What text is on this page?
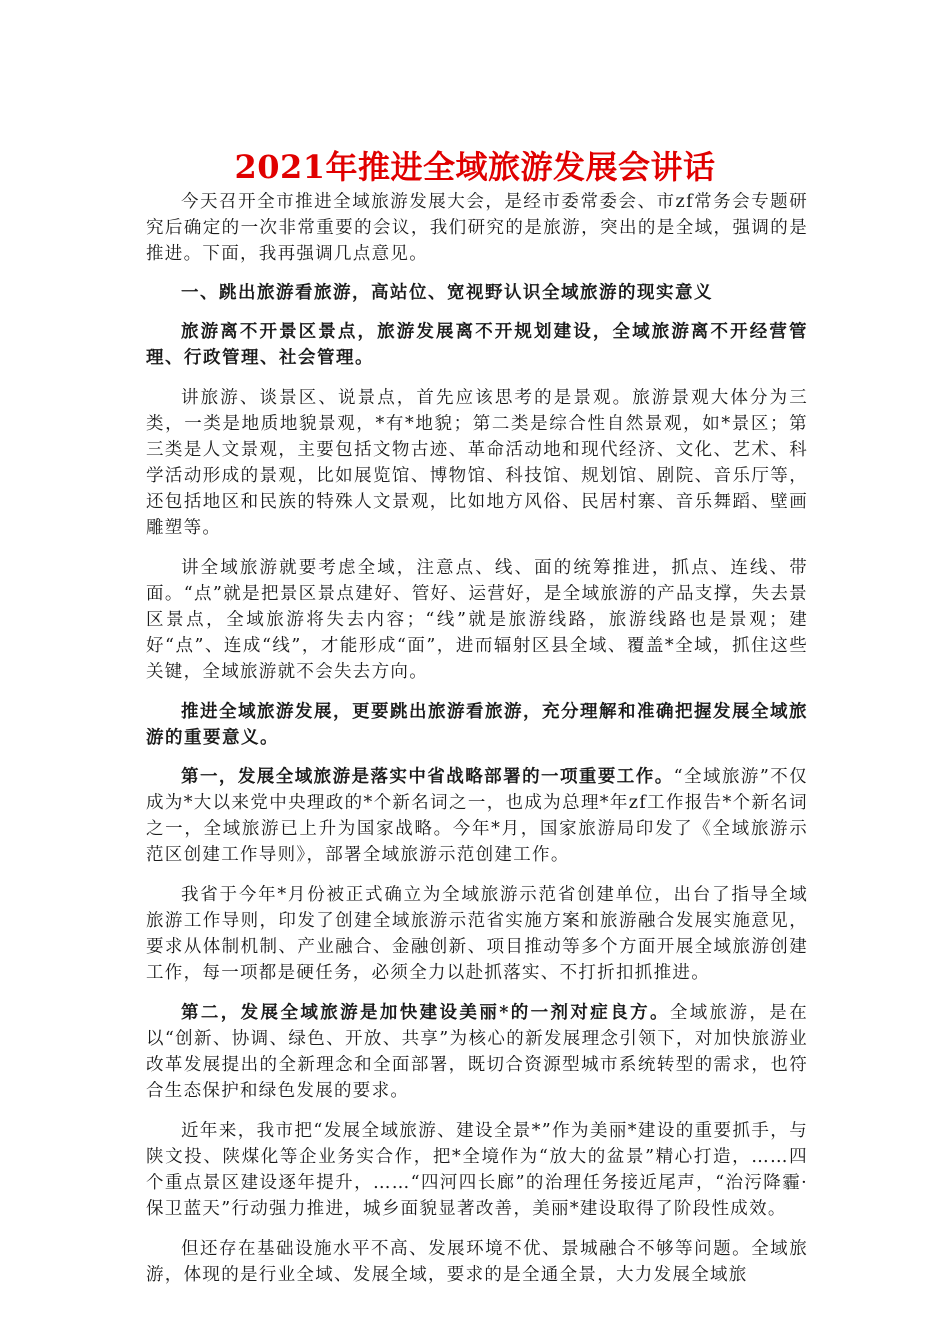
2021年推进全域旅游发展会讲话

今天召开全市推进全域旅游发展大会，是经市委常委会、市zf常务会专题研究后确定的一次非常重要的会议，我们研究的是旅游，突出的是全域，强调的是推进。下面，我再强调几点意见。

一、跳出旅游看旅游，高站位、宽视野认识全域旅游的现实意义

旅游离不开景区景点，旅游发展离不开规划建设，全域旅游离不开经营管理、行政管理、社会管理。

讲旅游、谈景区、说景点，首先应该思考的是景观。旅游景观大体分为三类，一类是地质地貌景观，*有*地貌；第二类是综合性自然景观，如*景区；第三类是人文景观，主要包括文物古迹、革命活动地和现代经济、文化、艺术、科学活动形成的景观，比如展览馆、博物馆、科技馆、规划馆、剧院、音乐厅等，还包括地区和民族的特殊人文景观，比如地方风俗、民居村寨、音乐舞蹈、壁画雕塑等。

讲全域旅游就要考虑全域，注意点、线、面的统筹推进，抓点、连线、带面。“点”就是把景区景点建好、管好、运营好，是全域旅游的产品支撑，失去景区景点，全域旅游将失去内容；“线”就是旅游线路，旅游线路也是景观；建好“点”、连成“线”，才能形成“面”，进而辐射区县全域、覆盖*全域，抓住这些关键，全域旅游就不会失去方向。

推进全域旅游发展，更要跳出旅游看旅游，充分理解和准确把握发展全域旅游的重要意义。

第一，发展全域旅游是落实中省战略部署的一项重要工作。“全域旅游”不仅成为*大以来党中央理政的*个新名词之一，也成为总理*年zf工作报告*个新名词之一，全域旅游已上升为国家战略。今年*月，国家旅游局印发了《全域旅游示范区创建工作导则》，部署全域旅游示范创建工作。

我省于今年*月份被正式确立为全域旅游示范省创建单位，出台了指导全域旅游工作导则，印发了创建全域旅游示范省实施方案和旅游融合发展实施意见，要求从体制机制、产业融合、金融创新、项目推动等多个方面开展全域旅游创建工作，每一项都是硬任务，必须全力以赴抓落实、不打折扣抓推进。

第二，发展全域旅游是加快建设美丽*的一剂对症良方。全域旅游，是在以“创新、协调、绿色、开放、共享”为核心的新发展理念引领下，对加快旅游业改革发展提出的全新理念和全面部署，既切合资源型城市系统转型的需求，也符合生态保护和绿色发展的要求。

近年来，我市把“发展全域旅游、建设全景*”作为美丽*建设的重要抓手，与陕文投、陕煤化等企业务实合作，把*全境作为“放大的盆景”精心打造，……四个重点景区建设逐年提升，……“四河四长廊”的治理任务接近尾声，“治污降霾·保卫蓝天”行动强力推进，城乡面貌显著改善，美丽*建设取得了阶段性成效。

但还存在基础设施水平不高、发展环境不优、景城融合不够等问题。全域旅游，体现的是行业全域、发展全域，要求的是全通全景，大力发展全域旅
